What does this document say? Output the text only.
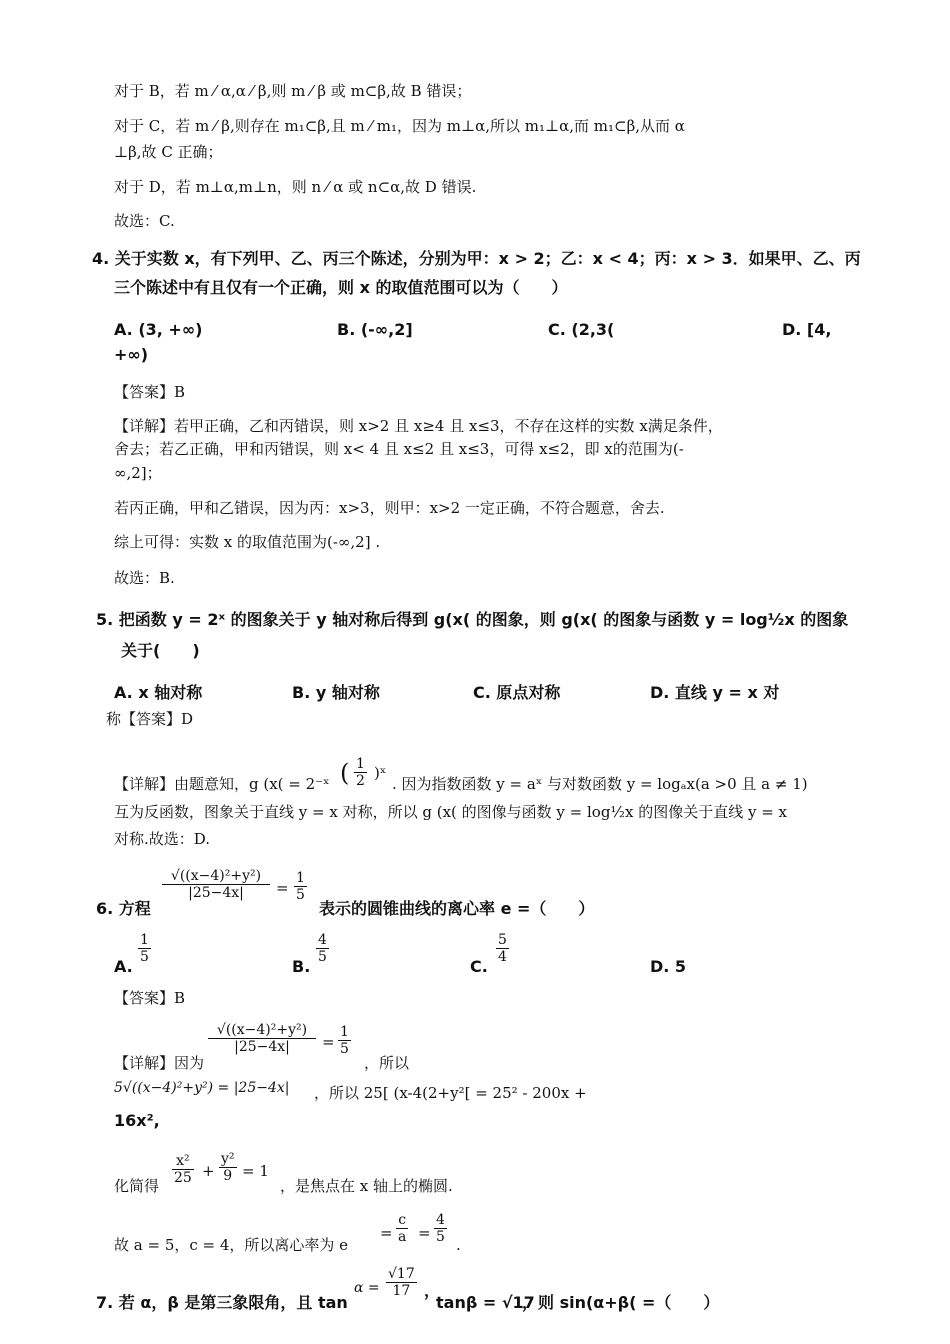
对于 B，若 m ⁄ α,α ⁄ β,则 m ⁄ β 或 m⊂β,故 B 错误；
对于 C，若 m ⁄ β,则存在 m₁⊂β,且 m ⁄ m₁，因为 m⊥α,所以 m₁⊥α,而 m₁⊂β,从而 α
⊥β,故 C 正确；
对于 D，若 m⊥α,m⊥n，则 n ⁄ α 或 n⊂α,故 D 错误.
故选：C.
4. 关于实数 x，有下列甲、乙、丙三个陈述，分别为甲：x > 2；乙：x < 4；丙：x > 3．如果甲、乙、丙
三个陈述中有且仅有一个正确，则 x 的取值范围可以为（　　）
A. (3, +∞)	B. (-∞,2]	C. (2,3(	D. [4,
+∞)
【答案】B
【详解】若甲正确，乙和丙错误，则 x>2 且 x≥4 且 x≤3，不存在这样的实数 x满足条件，
舍去；若乙正确，甲和丙错误，则 x< 4 且 x≤2 且 x≤3，可得 x≤2，即 x的范围为(-
∞,2]；
若丙正确，甲和乙错误，因为丙：x>3，则甲：x>2 一定正确，不符合题意，舍去.
综上可得：实数 x 的取值范围为(-∞,2] .
故选：B.
5. 把函数 y = 2ˣ 的图象关于 y 轴对称后得到 g(x( 的图象，则 g(x( 的图象与函数 y = log½x 的图象
关于(　　)
A. x 轴对称	B. y 轴对称	C. 原点对称	D. 直线 y = x 对
称【答案】D
【详解】由题意知，g (x( = 2⁻ˣ ( $\frac{1}{2}$ )ˣ
. 因为指数函数 y = aˣ 与对数函数 y = logₐx(a >0 且 a ≠ 1)
互为反函数，图象关于直线 y = x 对称，所以 g (x( 的图像与函数 y = log½x 的图像关于直线 y = x
对称.故选：D.
6. 方程
$\frac{\text{√((x−4)²+y²)}}{|25-4x|} = \frac{1}{5}$
表示的圆锥曲线的离心率 e =（　　）
A.
$\frac{1}{5}$
B.
$\frac{4}{5}$
C.
$\frac{5}{4}$
D. 5
【答案】B
【详解】因为
$\frac{\text{√((x−4)²+y²)}}{|25-4x|} = \frac{1}{5}$
，所以
5√((x−4)²+y²) = |25−4x| ，所以 25[ (x-4(2+y²[ = 25² - 200x +
16x²,
化简得 $\frac{\text{x²}}{25} + \frac{\text{y²}}{9} = 1$
，是焦点在 x 轴上的椭圆.
故 a = 5，c = 4，所以离心率为 e
= $\frac{c}{a} = \frac{4}{5}$ .
7. 若 α，β 是第三象限角，且 tan
$\alpha = \frac{√17}{17}$ ，
tanβ = √17
，则 sin(α+β( =（　　）
